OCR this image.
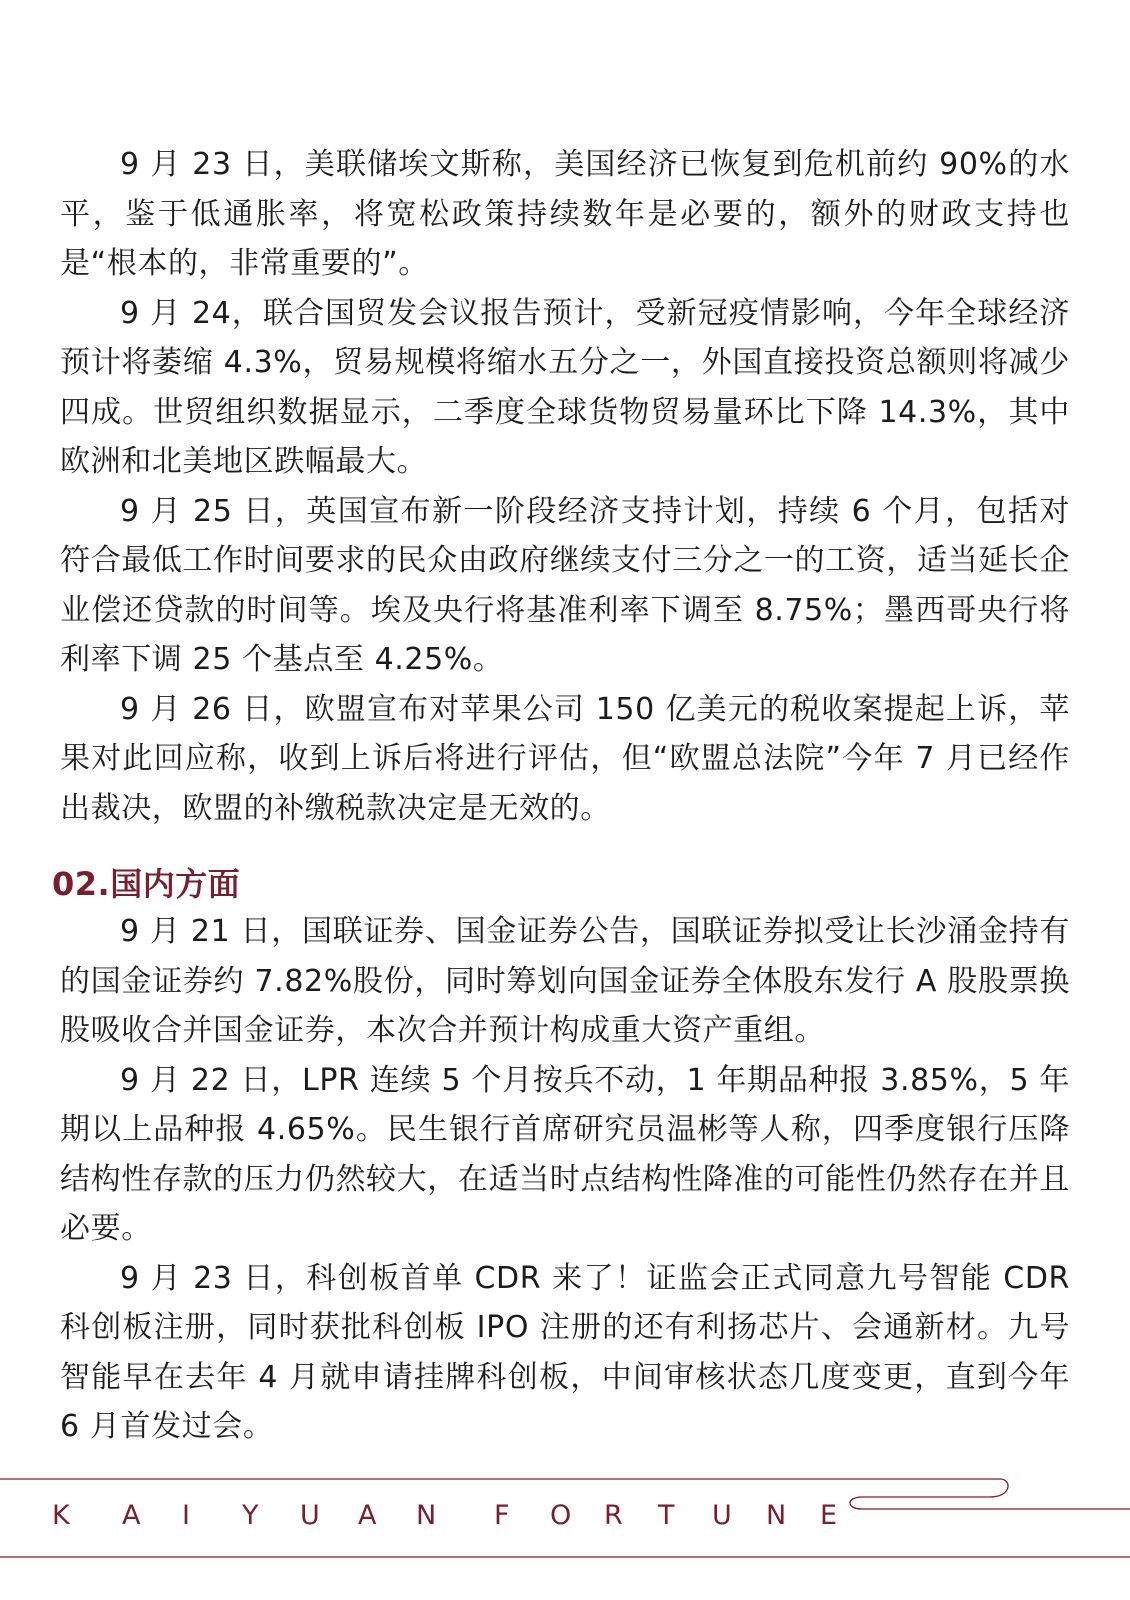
9 月 23 日，美联储埃文斯称，美国经济已恢复到危机前约 90%的水平，鉴于低通胀率，将宽松政策持续数年是必要的，额外的财政支持也是“根本的，非常重要的”。

9 月 24，联合国贸发会议报告预计，受新冠疫情影响，今年全球经济预计将萎缩 4.3%，贸易规模将缩水五分之一，外国直接投资总额则将减少四成。世贸组织数据显示，二季度全球货物贸易量环比下降 14.3%，其中欧洲和北美地区跌幅最大。

9 月 25 日，英国宣布新一阶段经济支持计划，持续 6 个月，包括对符合最低工作时间要求的民众由政府继续支付三分之一的工资，适当延长企业偿还贷款的时间等。埃及央行将基准利率下调至 8.75%；墨西哥央行将利率下调 25 个基点至 4.25%。

9 月 26 日，欧盟宣布对苹果公司 150 亿美元的税收案提起上诉，苹果对此回应称，收到上诉后将进行评估，但“欧盟总法院”今年 7 月已经作出裁决，欧盟的补缴税款决定是无效的。

02.国内方面

9 月 21 日，国联证券、国金证券公告，国联证券拟受让长沙涌金持有的国金证券约 7.82%股份，同时筹划向国金证券全体股东发行 A 股股票换股吸收合并国金证券，本次合并预计构成重大资产重组。

9 月 22 日，LPR 连续 5 个月按兵不动，1 年期品种报 3.85%，5 年期以上品种报 4.65%。民生银行首席研究员温彬等人称，四季度银行压降结构性存款的压力仍然较大，在适当时点结构性降准的可能性仍然存在并且必要。

9 月 23 日，科创板首单 CDR 来了！证监会正式同意九号智能 CDR 科创板注册，同时获批科创板 IPO 注册的还有利扬芯片、会通新材。九号智能早在去年 4 月就申请挂牌科创板，中间审核状态几度变更，直到今年 6 月首发过会。

K A I Y U A N F O R T U N E
